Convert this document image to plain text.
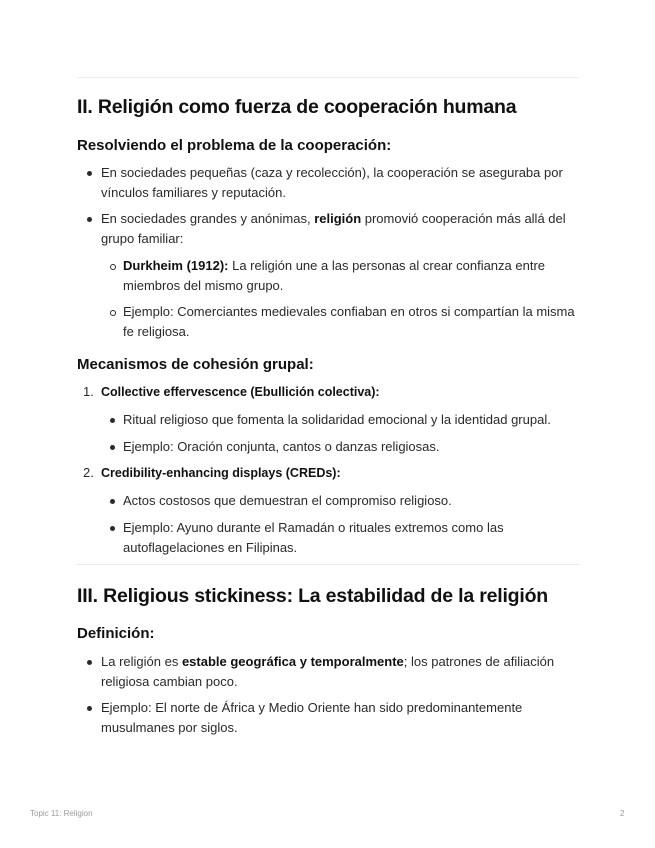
II. Religión como fuerza de cooperación humana
Resolviendo el problema de la cooperación:
En sociedades pequeñas (caza y recolección), la cooperación se aseguraba por vínculos familiares y reputación.
En sociedades grandes y anónimas, religión promovió cooperación más allá del grupo familiar:
Durkheim (1912): La religión une a las personas al crear confianza entre miembros del mismo grupo.
Ejemplo: Comerciantes medievales confiaban en otros si compartían la misma fe religiosa.
Mecanismos de cohesión grupal:
1. Collective effervescence (Ebullición colectiva):
Ritual religioso que fomenta la solidaridad emocional y la identidad grupal.
Ejemplo: Oración conjunta, cantos o danzas religiosas.
2. Credibility-enhancing displays (CREDs):
Actos costosos que demuestran el compromiso religioso.
Ejemplo: Ayuno durante el Ramadán o rituales extremos como las autoflagelaciones en Filipinas.
III. Religious stickiness: La estabilidad de la religión
Definición:
La religión es estable geográfica y temporalmente; los patrones de afiliación religiosa cambian poco.
Ejemplo: El norte de África y Medio Oriente han sido predominantemente musulmanes por siglos.
Topic 11: Religion	2
